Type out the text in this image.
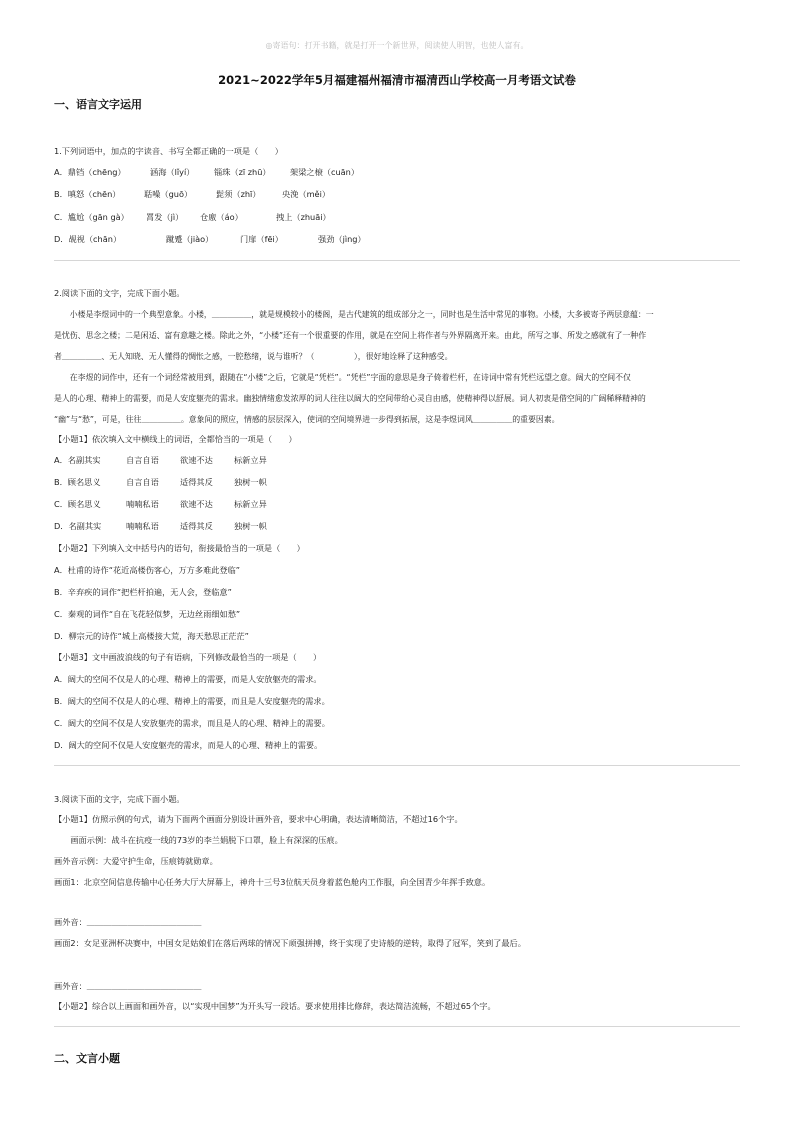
◎寄语句：打开书籍，就是打开一个新世界，阅读使人明智，也使人富有。
2021~2022学年5月福建福州福清市福清西山学校高一月考语文试卷
一、语言文字运用
1.下列词语中，加点的字读音、书写全都正确的一项是（　　）
A．鼎铛（chēng）	涵海（lǐyí） 锱珠（zī zhū） 架梁之榱（cuān）
B．嗔怒（chēn）	聒噪（guō）	髭须（zhī）	央浼（měi）
C．尴尬（gān gà） 罥发（jì） 仓廒（áo）	拽上（zhuāi）
D．觇视（chān）	蹴蹙（jiào）	门扉（fēi）	强劲（jìng）
2.阅读下面的文字，完成下面小题。
　　小楼是李煜词中的一个典型意象。小楼，＿＿＿＿＿，就是规模较小的楼阁，是古代建筑的组成部分之一，同时也是生活中常见的事物。小楼，大多被寄予两层意蕴：一
是忧伤、思念之楼；二是闲适、富有意趣之楼。除此之外，“小楼”还有一个很重要的作用，就是在空间上将作者与外界隔离开来。由此，所写之事、所发之感就有了一种作
者＿＿＿＿＿、无人知晓、无人懂得的惆怅之感，一腔愁绪，说与谁听？（　　　　　），很好地诠释了这种感受。
　　在李煜的词作中，还有一个词经常被用到，跟随在“小楼”之后，它就是“凭栏”。“凭栏”字面的意思是身子倚着栏杆，在诗词中常有凭栏远望之意。阔大的空间不仅
是人的心理、精神上的需要，而是人安度躯壳的需求。幽独情绪愈发浓厚的词人往往以阔大的空间带给心灵自由感，使精神得以舒展。词人初衷是借空间的广阔稀释精神的
“幽”与“愁”，可是，往往＿＿＿＿＿。意象间的照应，情感的层层深入，使词的空间境界进一步得到拓展，这是李煜词风＿＿＿＿＿的重要因素。
【小题1】依次填入文中横线上的词语，全都恰当的一项是（　　）
A．名副其实	自言自语	欲速不达	标新立异
B．顾名思义	自言自语	适得其反	独树一帜
C．顾名思义	喃喃私语	欲速不达	标新立异
D．名副其实	喃喃私语	适得其反	独树一帜
【小题2】下列填入文中括号内的语句，衔接最恰当的一项是（　　）
A．杜甫的诗作“花近高楼伤客心，万方多难此登临”
B．辛弃疾的词作“把栏杆拍遍，无人会，登临意”
C．秦观的词作“自在飞花轻似梦，无边丝雨细如愁”
D．柳宗元的诗作“城上高楼接大荒，海天愁思正茫茫”
【小题3】文中画波浪线的句子有语病，下列修改最恰当的一项是（　　）
A．阔大的空间不仅是人的心理、精神上的需要，而是人安放躯壳的需求。
B．阔大的空间不仅是人的心理、精神上的需要，而且是人安度躯壳的需求。
C．阔大的空间不仅是人安放躯壳的需求，而且是人的心理、精神上的需要。
D．阔大的空间不仅是人安度躯壳的需求，而是人的心理、精神上的需要。
3.阅读下面的文字，完成下面小题。
【小题1】仿照示例的句式，请为下面两个画面分别设计画外音，要求中心明确，表达清晰简洁，不超过16个字。
　　画面示例：战斗在抗疫一线的73岁的李兰娟脱下口罩，脸上有深深的压痕。
画外音示例：大爱守护生命，压痕铸就勋章。
画面1：北京空间信息传输中心任务大厅大屏幕上，神舟十三号3位航天员身着蓝色舱内工作服，向全国青少年挥手致意。
画外音：＿＿＿＿＿＿＿＿＿＿＿＿＿＿
画面2：女足亚洲杯决赛中，中国女足姑娘们在落后两球的情况下顽强拼搏，终于实现了史诗般的逆转，取得了冠军，笑到了最后。
画外音：＿＿＿＿＿＿＿＿＿＿＿＿＿＿
【小题2】综合以上画面和画外音，以“实现中国梦”为开头写一段话。要求使用排比修辞，表达简洁流畅，不超过65个字。
二、文言小题
